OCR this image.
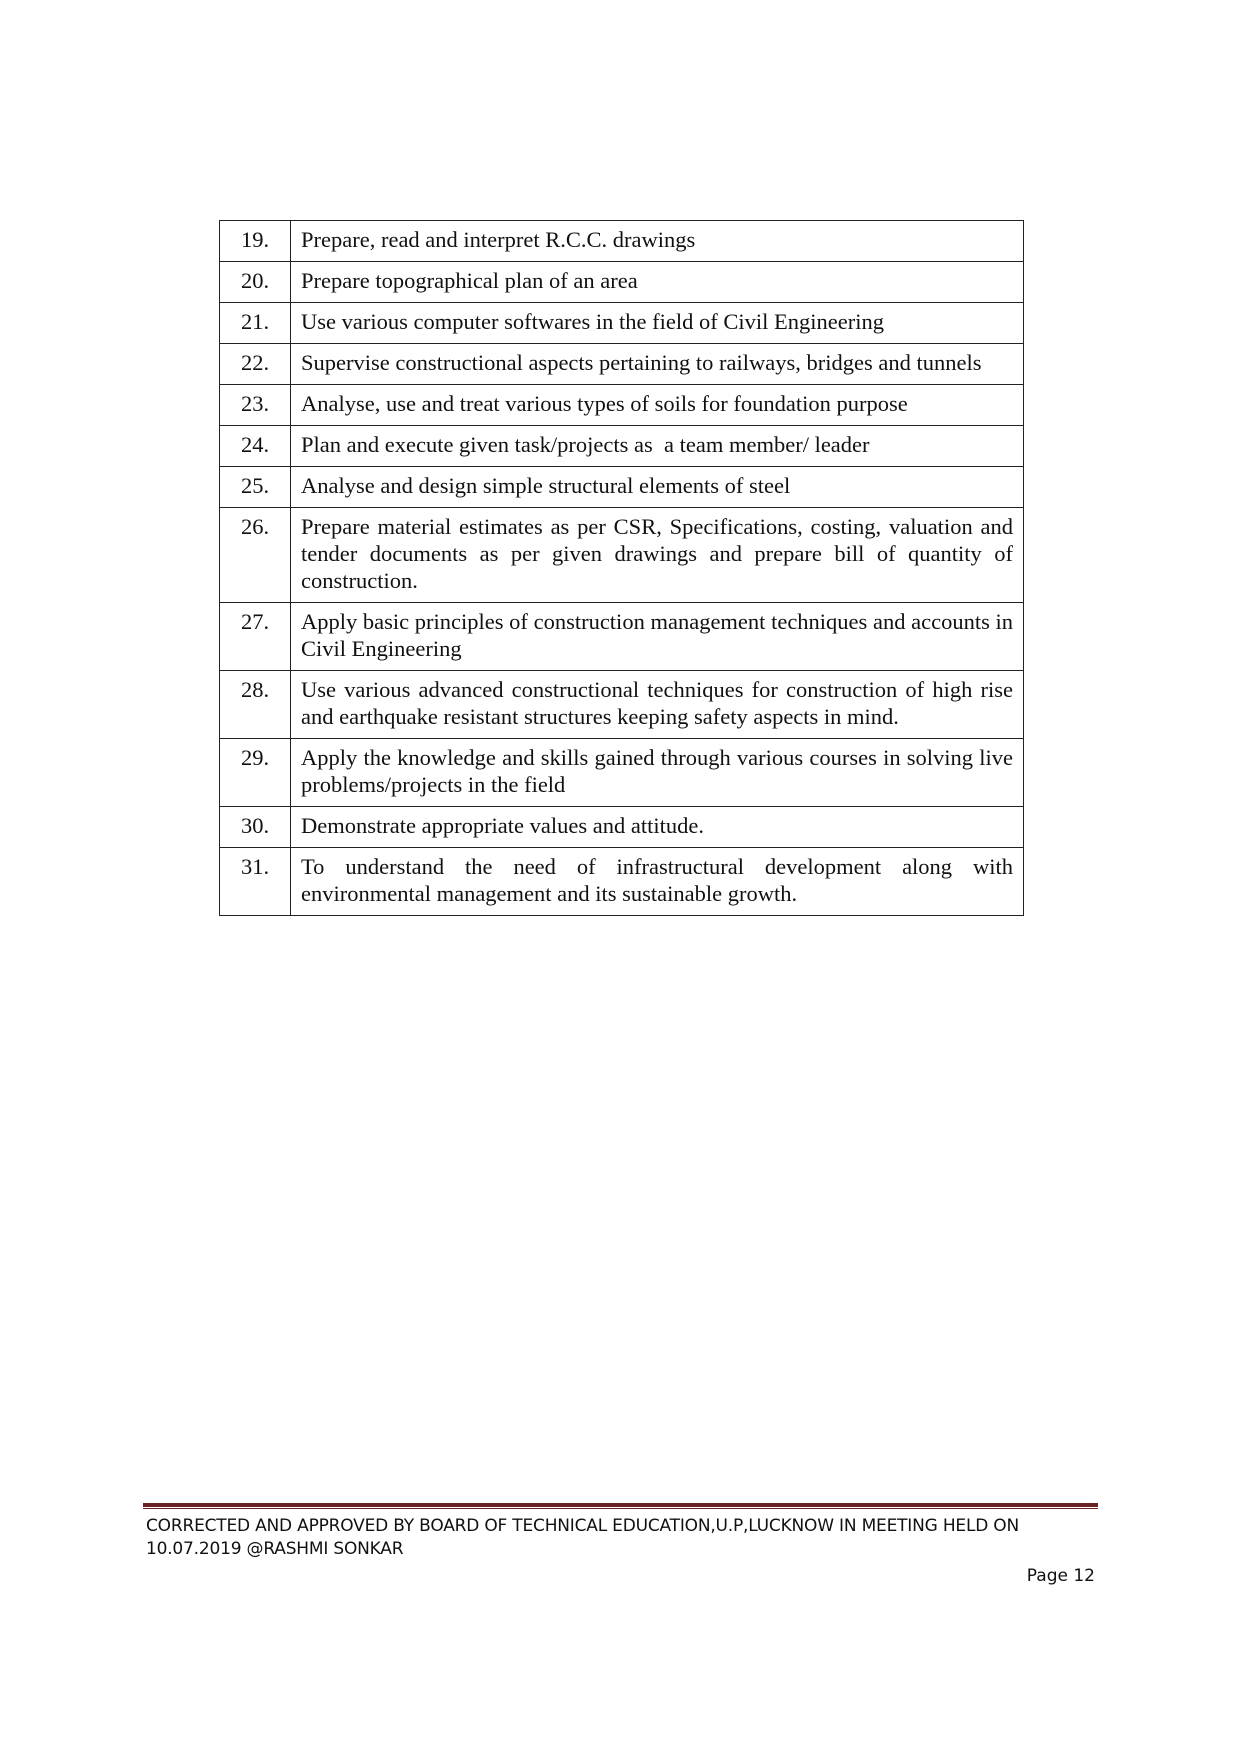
19.	Prepare, read and interpret R.C.C. drawings
20.	Prepare topographical plan of an area
21.	Use various computer softwares in the field of Civil Engineering
22.	Supervise constructional aspects pertaining to railways, bridges and tunnels
23.	Analyse, use and treat various types of soils for foundation purpose
24.	Plan and execute given task/projects as  a team member/ leader
25.	Analyse and design simple structural elements of steel
26.	Prepare material estimates as per CSR, Specifications, costing, valuation and tender documents as per given drawings and prepare bill of quantity of construction.
27.	Apply basic principles of construction management techniques and accounts in Civil Engineering
28.	Use various advanced constructional techniques for construction of high rise and earthquake resistant structures keeping safety aspects in mind.
29.	Apply the knowledge and skills gained through various courses in solving live problems/projects in the field
30.	Demonstrate appropriate values and attitude.
31.	To understand the need of infrastructural development along with environmental management and its sustainable growth.
CORRECTED AND APPROVED BY BOARD OF TECHNICAL EDUCATION,U.P,LUCKNOW IN MEETING HELD ON 10.07.2019 @RASHMI SONKAR
Page 12
